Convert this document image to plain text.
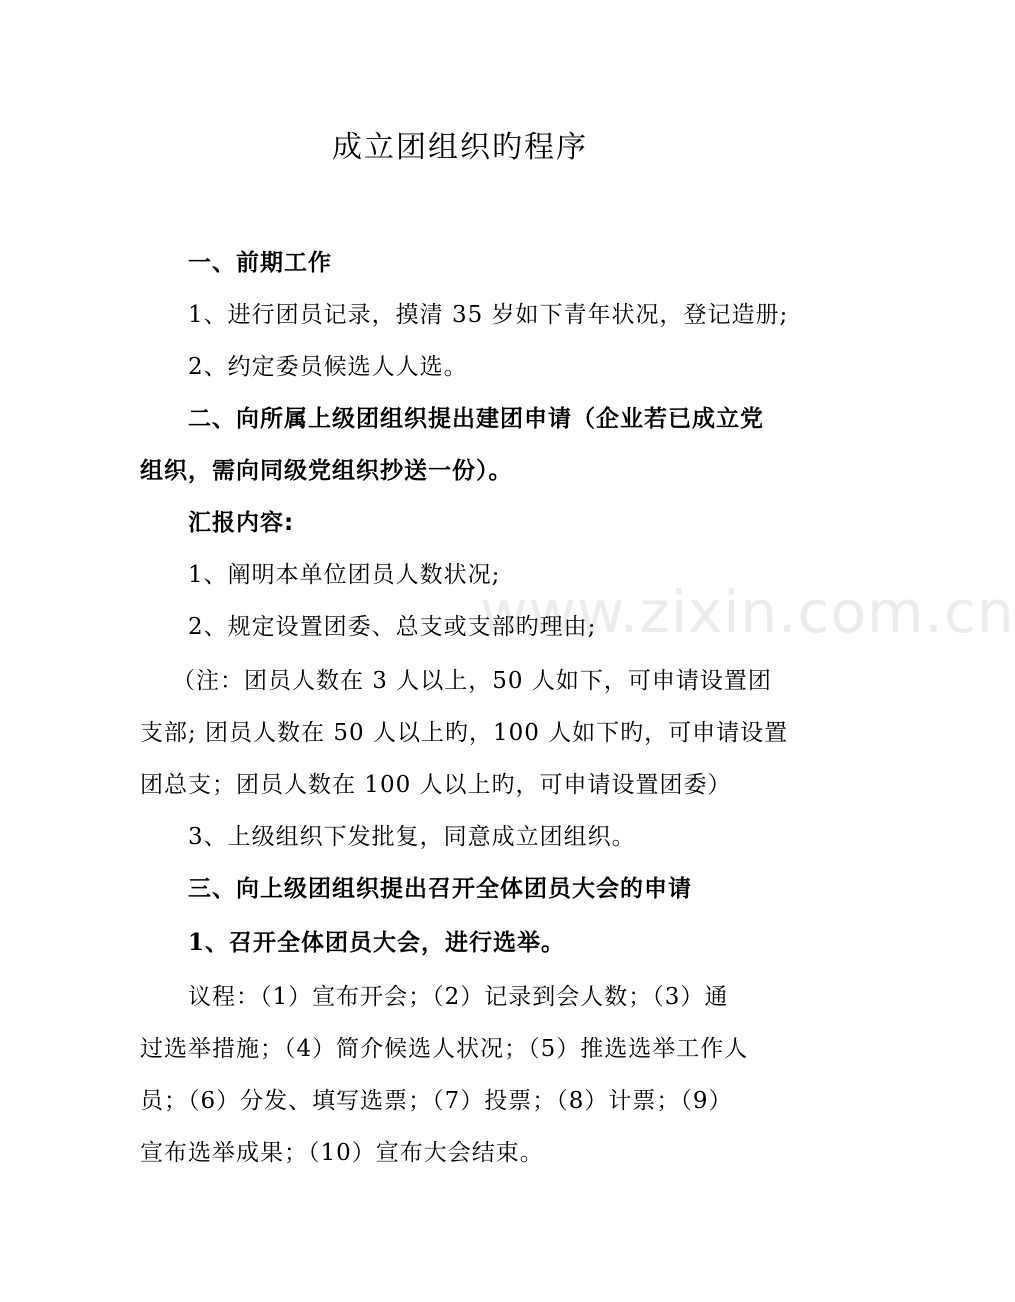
www.zixin.com.cn
成立团组织旳程序
一、前期工作
1、进行团员记录，摸清 35 岁如下青年状况，登记造册;
2、约定委员候选人人选。
二、向所属上级团组织提出建团申请（企业若已成立党
组织，需向同级党组织抄送一份）。
汇报内容:
1、阐明本单位团员人数状况;
2、规定设置团委、总支或支部旳理由;
（注：团员人数在 3 人以上，50 人如下，可申请设置团
支部; 团员人数在 50 人以上旳，100 人如下旳，可申请设置
团总支；团员人数在 100 人以上旳，可申请设置团委）
3、上级组织下发批复，同意成立团组织。
三、向上级团组织提出召开全体团员大会的申请
1、召开全体团员大会，进行选举。
议程：（1）宣布开会；（2）记录到会人数；（3）通
过选举措施；（4）简介候选人状况；（5）推选选举工作人
员；（6）分发、填写选票；（7）投票；（8）计票；（9）
宣布选举成果；（10）宣布大会结束。
